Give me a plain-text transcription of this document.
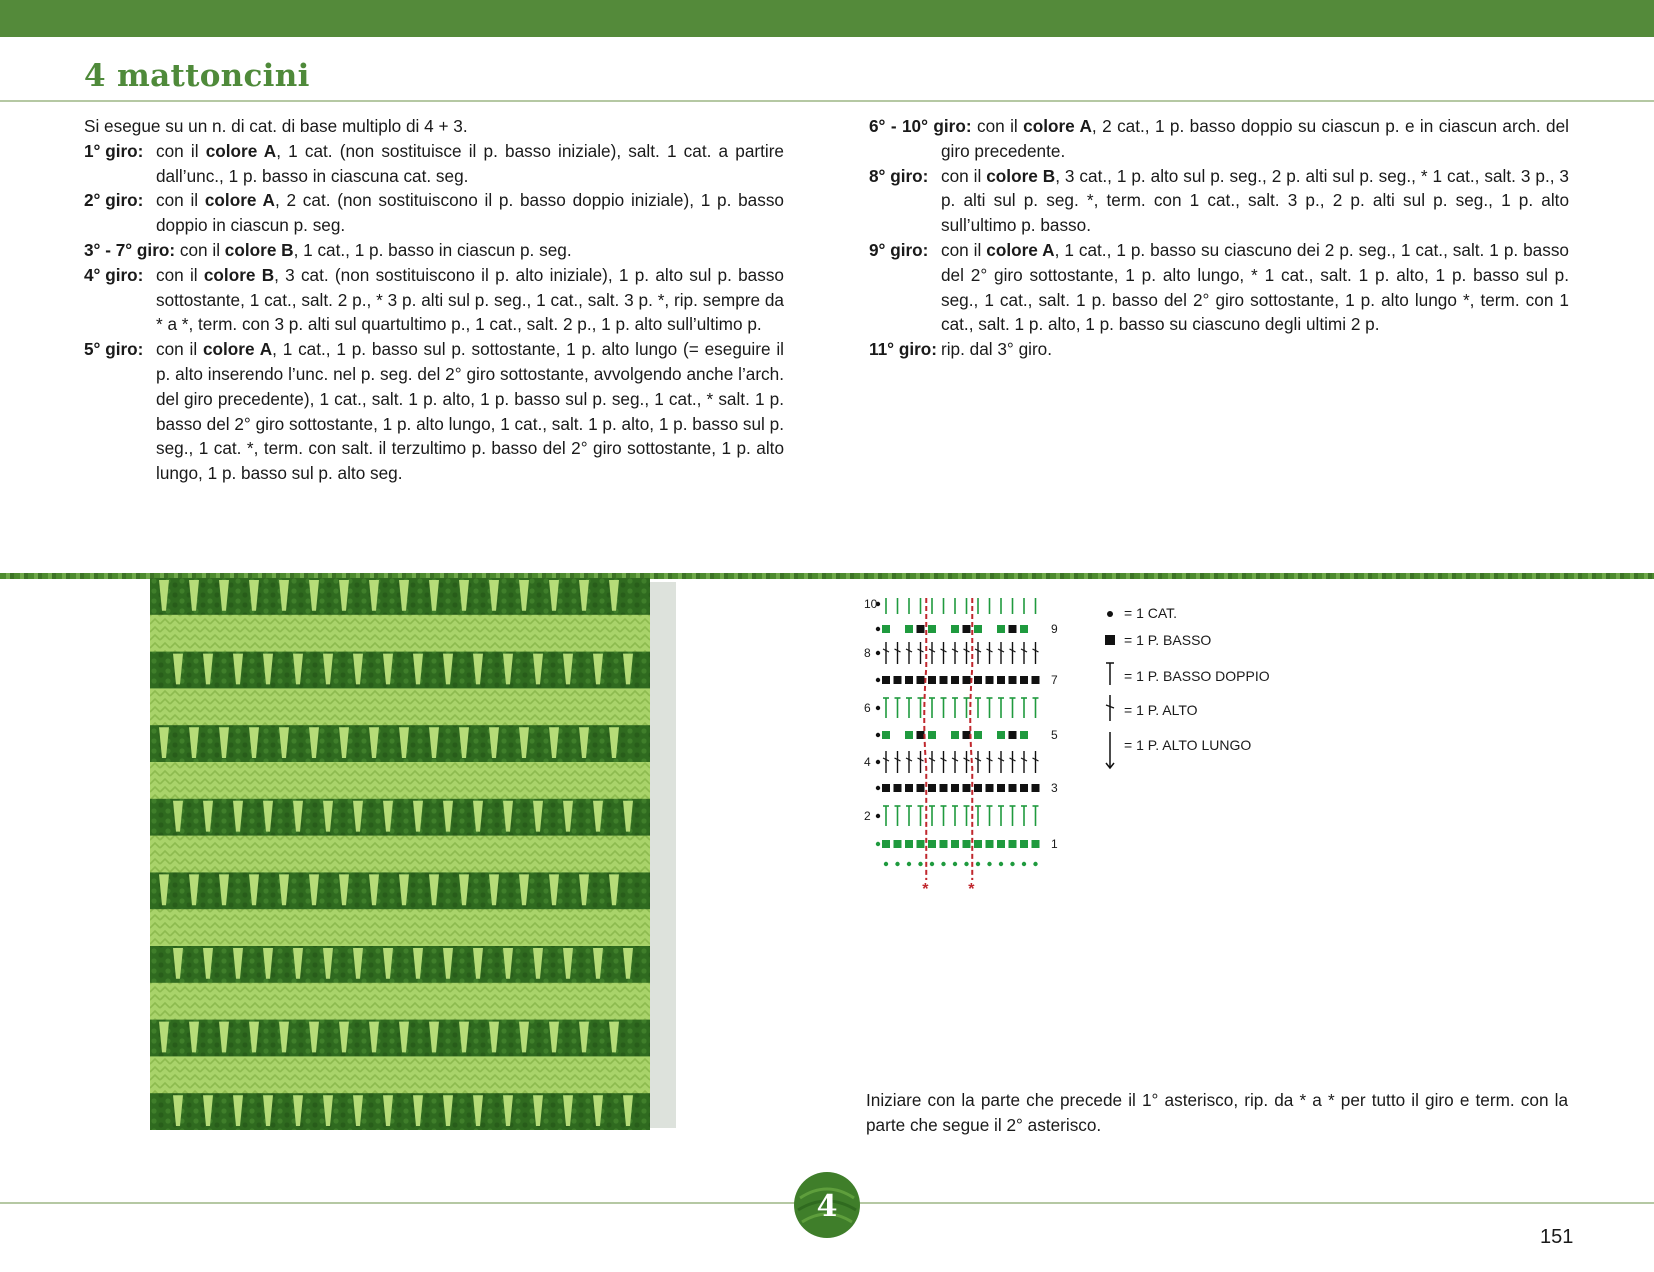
4 mattoncini
Si esegue su un n. di cat. di base multiplo di 4 + 3.
1° giro: con il colore A, 1 cat. (non sostituisce il p. basso iniziale), salt. 1 cat. a partire dall’unc., 1 p. basso in ciascuna cat. seg.
2° giro: con il colore A, 2 cat. (non sostituiscono il p. basso doppio iniziale), 1 p. basso doppio in ciascun p. seg.
3° - 7° giro: con il colore B, 1 cat., 1 p. basso in ciascun p. seg.
4° giro: con il colore B, 3 cat. (non sostituiscono il p. alto iniziale), 1 p. alto sul p. basso sottostante, 1 cat., salt. 2 p., * 3 p. alti sul p. seg., 1 cat., salt. 3 p. *, rip. sempre da * a *, term. con 3 p. alti sul quartultimo p., 1 cat., salt. 2 p., 1 p. alto sull’ultimo p.
5° giro: con il colore A, 1 cat., 1 p. basso sul p. sottostante, 1 p. alto lungo (= eseguire il p. alto inserendo l’unc. nel p. seg. del 2° giro sottostante, avvolgendo anche l’arch. del giro precedente), 1 cat., salt. 1 p. alto, 1 p. basso sul p. seg., 1 cat., * salt. 1 p. basso del 2° giro sottostante, 1 p. alto lungo, 1 cat., salt. 1 p. alto, 1 p. basso sul p. seg., 1 cat. *, term. con salt. il terzultimo p. basso del 2° giro sottostante, 1 p. alto lungo, 1 p. basso sul p. alto seg.
6° - 10° giro: con il colore A, 2 cat., 1 p. basso doppio su ciascun p. e in ciascun arch. del giro precedente.
8° giro: con il colore B, 3 cat., 1 p. alto sul p. seg., 2 p. alti sul p. seg., * 1 cat., salt. 3 p., 3 p. alti sul p. seg. *, term. con 1 cat., salt. 3 p., 2 p. alti sul p. seg., 1 p. alto sull’ultimo p. basso.
9° giro: con il colore A, 1 cat., 1 p. basso su ciascuno dei 2 p. seg., 1 cat., salt. 1 p. basso del 2° giro sottostante, 1 p. alto lungo, * 1 cat., salt. 1 p. alto, 1 p. basso sul p. seg., 1 cat., salt. 1 p. basso del 2° giro sottostante, 1 p. alto lungo *, term. con 1 cat., salt. 1 p. alto, 1 p. basso su ciascuno degli ultimi 2 p.
11° giro: rip. dal 3° giro.
10
8
6
4
2
9
7
5
3
1
* *
= 1 CAT.
= 1 P. BASSO
= 1 P. BASSO DOPPIO
= 1 P. ALTO
= 1 P. ALTO LUNGO
Iniziare con la parte che precede il 1° asterisco, rip. da * a * per tutto il giro e term. con la parte che segue il 2° asterisco.
4
151
